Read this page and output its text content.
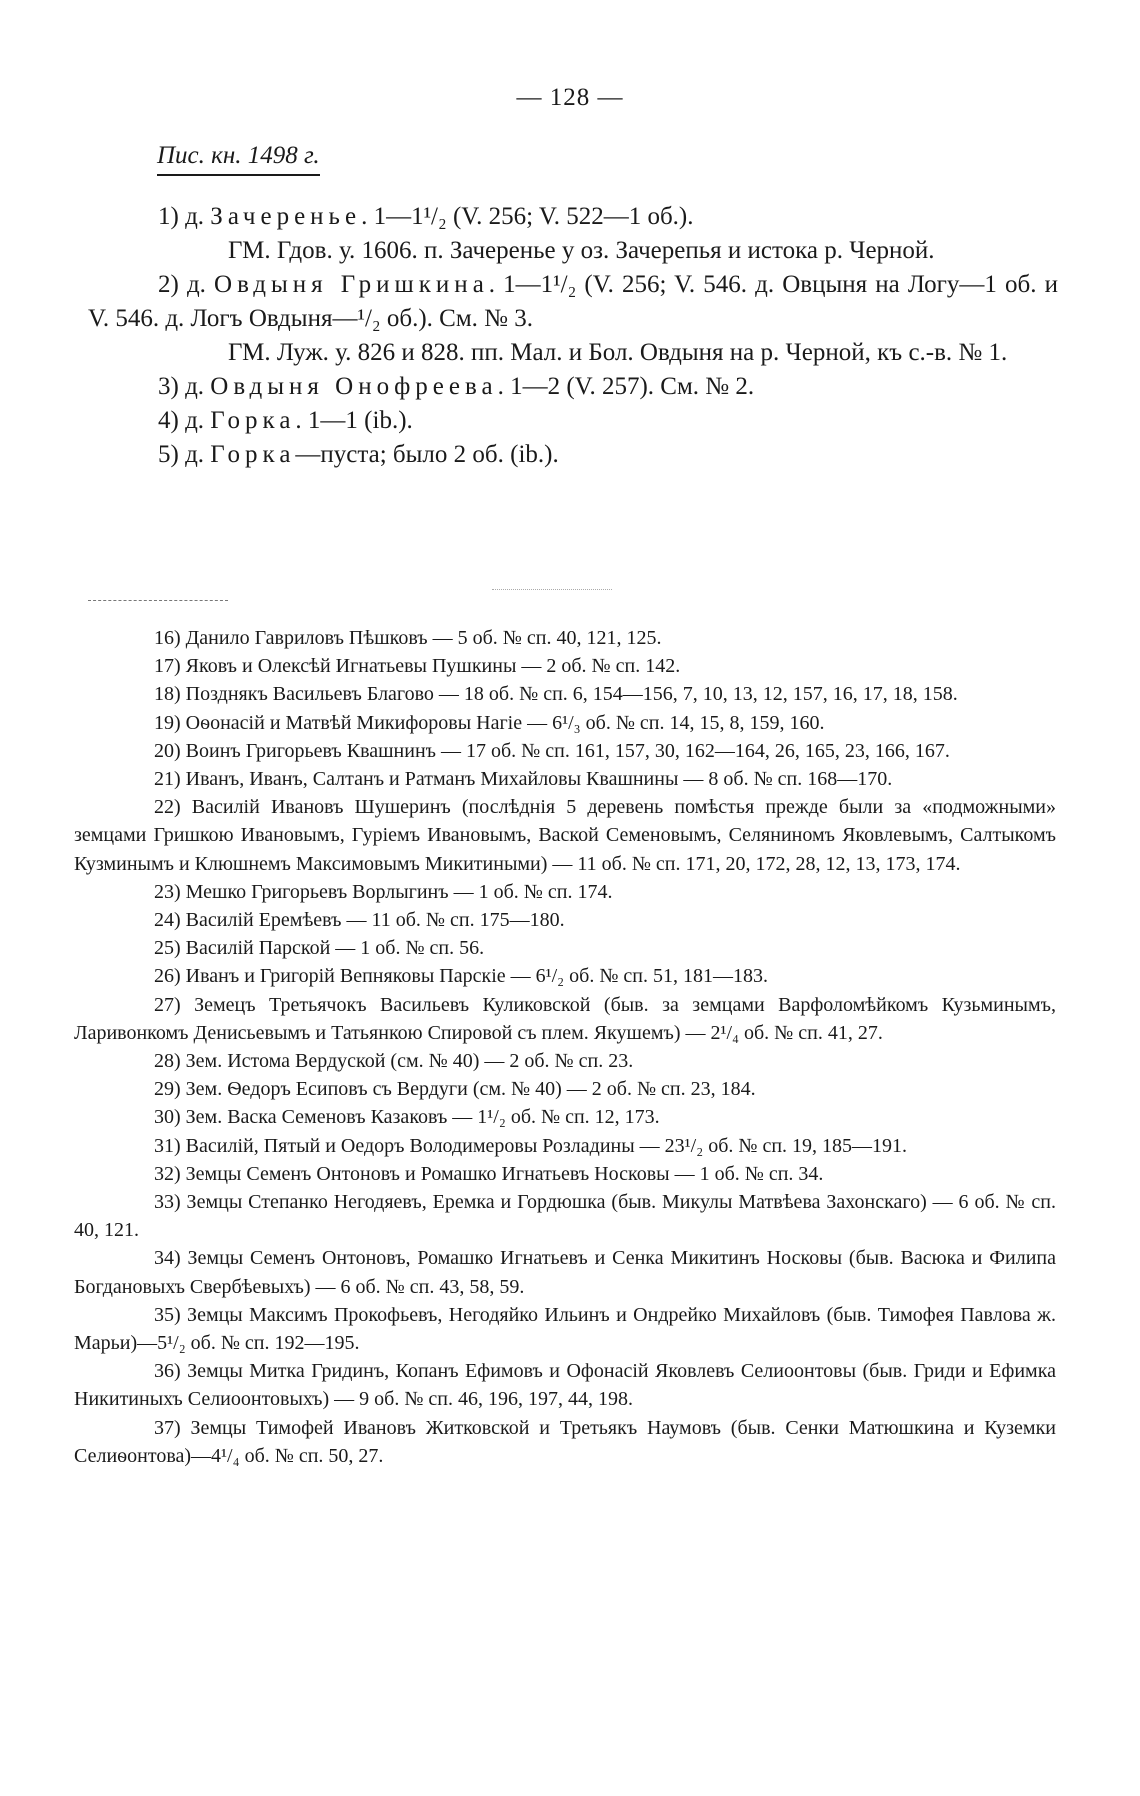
— 128 —
Пис. кн. 1498 г.

1) д. Зачеренье. 1—1¹/₂ (V. 256; V. 522—1 об.).

ГМ. Гдов. у. 1606. п. Зачеренье у оз. Зачерепья и истока р. Черной.

2) д. Овдыня Гришкина. 1—1¹/₂ (V. 256; V. 546. д. Овцыня на Логу—1 об. и V. 546. д. Логъ Овдыня—¹/₂ об.). См. № 3.

ГМ. Луж. у. 826 и 828. пп. Мал. и Бол. Овдыня на р. Черной, къ с.-в. № 1.

3) д. Овдыня Онофреева. 1—2 (V. 257). См. № 2.

4) д. Горка. 1—1 (ib.).

5) д. Горка—пуста; было 2 об. (ib.).

16) Данило Гавриловъ Пѣшковъ — 5 об. № сп. 40, 121, 125.

17) Яковъ и Олексѣй Игнатьевы Пушкины — 2 об. № сп. 142.

18) Позднякъ Васильевъ Благово — 18 об. № сп. 6, 154—156, 7, 10, 13, 12, 157, 16, 17, 18, 158.

19) Оѳонасій и Матвѣй Микифоровы Нагіе — 6¹/₃ об. № сп. 14, 15, 8, 159, 160.

20) Воинъ Григорьевъ Квашнинъ — 17 об. № сп. 161, 157, 30, 162—164, 26, 165, 23, 166, 167.

21) Иванъ, Иванъ, Салтанъ и Ратманъ Михайловы Квашнины — 8 об. № сп. 168—170.

22) Василій Ивановъ Шушеринъ (послѣднія 5 деревень помѣстья прежде были за «подможными» земцами Гришкою Ивановымъ, Гуріемъ Ивановымъ, Ваской Семеновымъ, Селяниномъ Яковлевымъ, Салтыкомъ Кузминымъ и Клюшнемъ Максимовымъ Микитиными) — 11 об. № сп. 171, 20, 172, 28, 12, 13, 173, 174.

23) Мешко Григорьевъ Ворлыгинъ — 1 об. № сп. 174.

24) Василій Еремѣевъ — 11 об. № сп. 175—180.

25) Василій Парской — 1 об. № сп. 56.

26) Иванъ и Григорій Вепняковы Парскіе — 6¹/₂ об. № сп. 51, 181—183.

27) Земецъ Третьячокъ Васильевъ Куликовской (быв. за земцами Варфоломѣйкомъ Кузьминымъ, Ларивонкомъ Денисьевымъ и Татьянкою Спировой съ плем. Якушемъ) — 2¹/₄ об. № сп. 41, 27.

28) Зем. Истома Вердуской (см. № 40) — 2 об. № сп. 23.

29) Зем. Ѳедоръ Есиповъ съ Вердуги (см. № 40) — 2 об. № сп. 23, 184.

30) Зем. Васка Семеновъ Казаковъ — 1¹/₂ об. № сп. 12, 173.

31) Василій, Пятый и Оедоръ Володимеровы Розладины — 23¹/₂ об. № сп. 19, 185—191.

32) Земцы Семенъ Онтоновъ и Ромашко Игнатьевъ Носковы — 1 об. № сп. 34.

33) Земцы Степанко Негодяевъ, Еремка и Гордюшка (быв. Микулы Матвѣева Захонскаго) — 6 об. № сп. 40, 121.

34) Земцы Семенъ Онтоновъ, Ромашко Игнатьевъ и Сенка Микитинъ Носковы (быв. Васюка и Филипа Богдановыхъ Свербѣевыхъ) — 6 об. № сп. 43, 58, 59.

35) Земцы Максимъ Прокофьевъ, Негодяйко Ильинъ и Ондрейко Михайловъ (быв. Тимофея Павлова ж. Марьи)—5¹/₂ об. № сп. 192—195.

36) Земцы Митка Гридинъ, Копанъ Ефимовъ и Офонасій Яковлевъ Селиоонтовы (быв. Гриди и Ефимка Никитиныхъ Селиоонтовыхъ) — 9 об. № сп. 46, 196, 197, 44, 198.

37) Земцы Тимофей Ивановъ Житковской и Третьякъ Наумовъ (быв. Сенки Матюшкина и Куземки Селиѳонтова)—4¹/₄ об. № сп. 50, 27.
